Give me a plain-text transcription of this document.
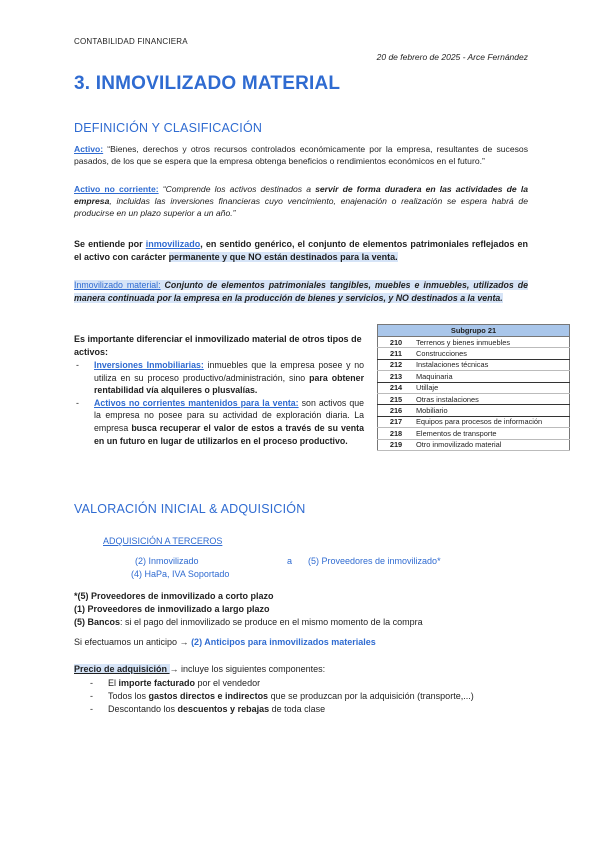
CONTABILIDAD FINANCIERA
20 de febrero de 2025 - Arce Fernández
3. INMOVILIZADO MATERIAL
DEFINICIÓN Y CLASIFICACIÓN
Activo: “Bienes, derechos y otros recursos controlados económicamente por la empresa, resultantes de sucesos pasados, de los que se espera que la empresa obtenga beneficios o rendimientos económicos en el futuro.”
Activo no corriente: “Comprende los activos destinados a servir de forma duradera en las actividades de la empresa, incluidas las inversiones financieras cuyo vencimiento, enajenación o realización se espera habrá de producirse en un plazo superior a un año.”
Se entiende por inmovilizado, en sentido genérico, el conjunto de elementos patrimoniales reflejados en el activo con carácter permanente y que NO están destinados para la venta.
Inmovilizado material: Conjunto de elementos patrimoniales tangibles, muebles e inmuebles, utilizados de manera continuada por la empresa en la producción de bienes y servicios, y NO destinados a la venta.
Es importante diferenciar el inmovilizado material de otros tipos de activos:
- Inversiones Inmobiliarias: inmuebles que la empresa posee y no utiliza en su proceso productivo/administración, sino para obtener rentabilidad vía alquileres o plusvalías.
- Activos no corrientes mantenidos para la venta: son activos que la empresa no posee para su actividad de exploración diaria. La empresa busca recuperar el valor de estos a través de su venta en un futuro en lugar de utilizarlos en el proceso productivo.
Subgrupo 21	
210	Terrenos y bienes inmuebles
211	Construcciones
212	Instalaciones técnicas
213	Maquinaria
214	Utillaje
215	Otras instalaciones
216	Mobiliario
217	Equipos para procesos de información
218	Elementos de transporte
219	Otro inmovilizado material
VALORACIÓN INICIAL & ADQUISICIÓN
ADQUISICIÓN A TERCEROS
(2) Inmovilizado	a (5) Proveedores de inmovilizado*
(4) HaPa, IVA Soportado
*(5) Proveedores de inmovilizado a corto plazo
(1) Proveedores de inmovilizado a largo plazo
(5) Bancos: si el pago del inmovilizado se produce en el mismo momento de la compra
Si efectuamos un anticipo → (2) Anticipos para inmovilizados materiales
Precio de adquisición → incluye los siguientes componentes:
- El importe facturado por el vendedor
- Todos los gastos directos e indirectos que se produzcan por la adquisición (transporte,...)
- Descontando los descuentos y rebajas de toda clase
